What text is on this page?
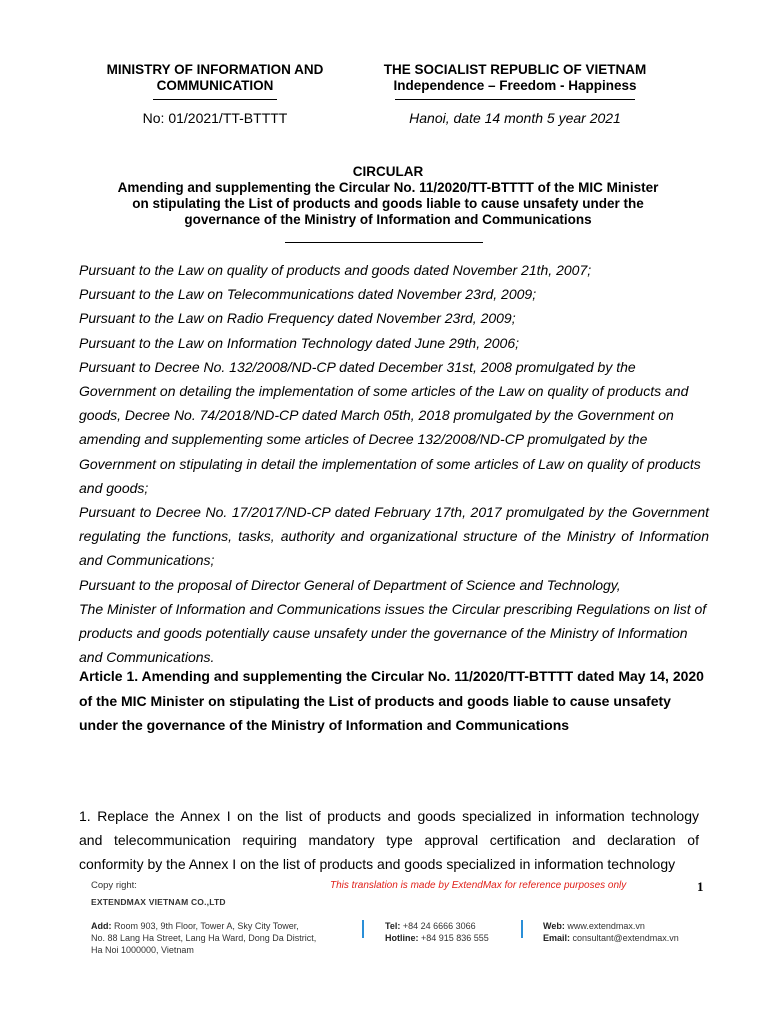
MINISTRY OF INFORMATION AND
COMMUNICATION
THE SOCIALIST REPUBLIC OF VIETNAM
Independence – Freedom - Happiness
No: 01/2021/TT-BTTTT	Hanoi, date 14 month 5 year 2021
CIRCULAR
Amending and supplementing the Circular No. 11/2020/TT-BTTTT of the MIC Minister
on stipulating the List of products and goods liable to cause unsafety under the
governance of the Ministry of Information and Communications

Pursuant to the Law on quality of products and goods dated November 21th, 2007;

Pursuant to the Law on Telecommunications dated November 23rd, 2009;

Pursuant to the Law on Radio Frequency dated November 23rd, 2009;

Pursuant to the Law on Information Technology dated June 29th, 2006;

Pursuant to Decree No. 132/2008/ND-CP dated December 31st, 2008 promulgated by the Government on detailing the implementation of some articles of the Law on quality of products and goods, Decree No. 74/2018/ND-CP dated March 05th, 2018 promulgated by the Government on amending and supplementing some articles of Decree 132/2008/ND-CP promulgated by the Government on stipulating in detail the implementation of some articles of Law on quality of products and goods;

Pursuant to Decree No. 17/2017/ND-CP dated February 17th, 2017 promulgated by the Government regulating the functions, tasks, authority and organizational structure of the Ministry of Information and Communications;

Pursuant to the proposal of Director General of Department of Science and Technology,

The Minister of Information and Communications issues the Circular prescribing Regulations on list of products and goods potentially cause unsafety under the governance of the Ministry of Information and Communications.

Article 1. Amending and supplementing the Circular No. 11/2020/TT-BTTTT dated May 14, 2020 of the MIC Minister on stipulating the List of products and goods liable to cause unsafety under the governance of the Ministry of Information and Communications
1. Replace the Annex I on the list of products and goods specialized in information technology
and telecommunication requiring mandatory type approval certification and declaration of
conformity by the Annex I on the list of products and goods specialized in information technology
Copy right:
EXTENDMAX VIETNAM CO.,LTD
This translation is made by ExtendMax for reference purposes only	1
Add: Room 903, 9th Floor, Tower A, Sky City Tower,
No. 88 Lang Ha Street, Lang Ha Ward, Dong Da District,
Ha Noi 1000000, Vietnam
Tel: +84 24 6666 3066
Hotline: +84 915 836 555
Web: www.extendmax.vn
Email: consultant@extendmax.vn
